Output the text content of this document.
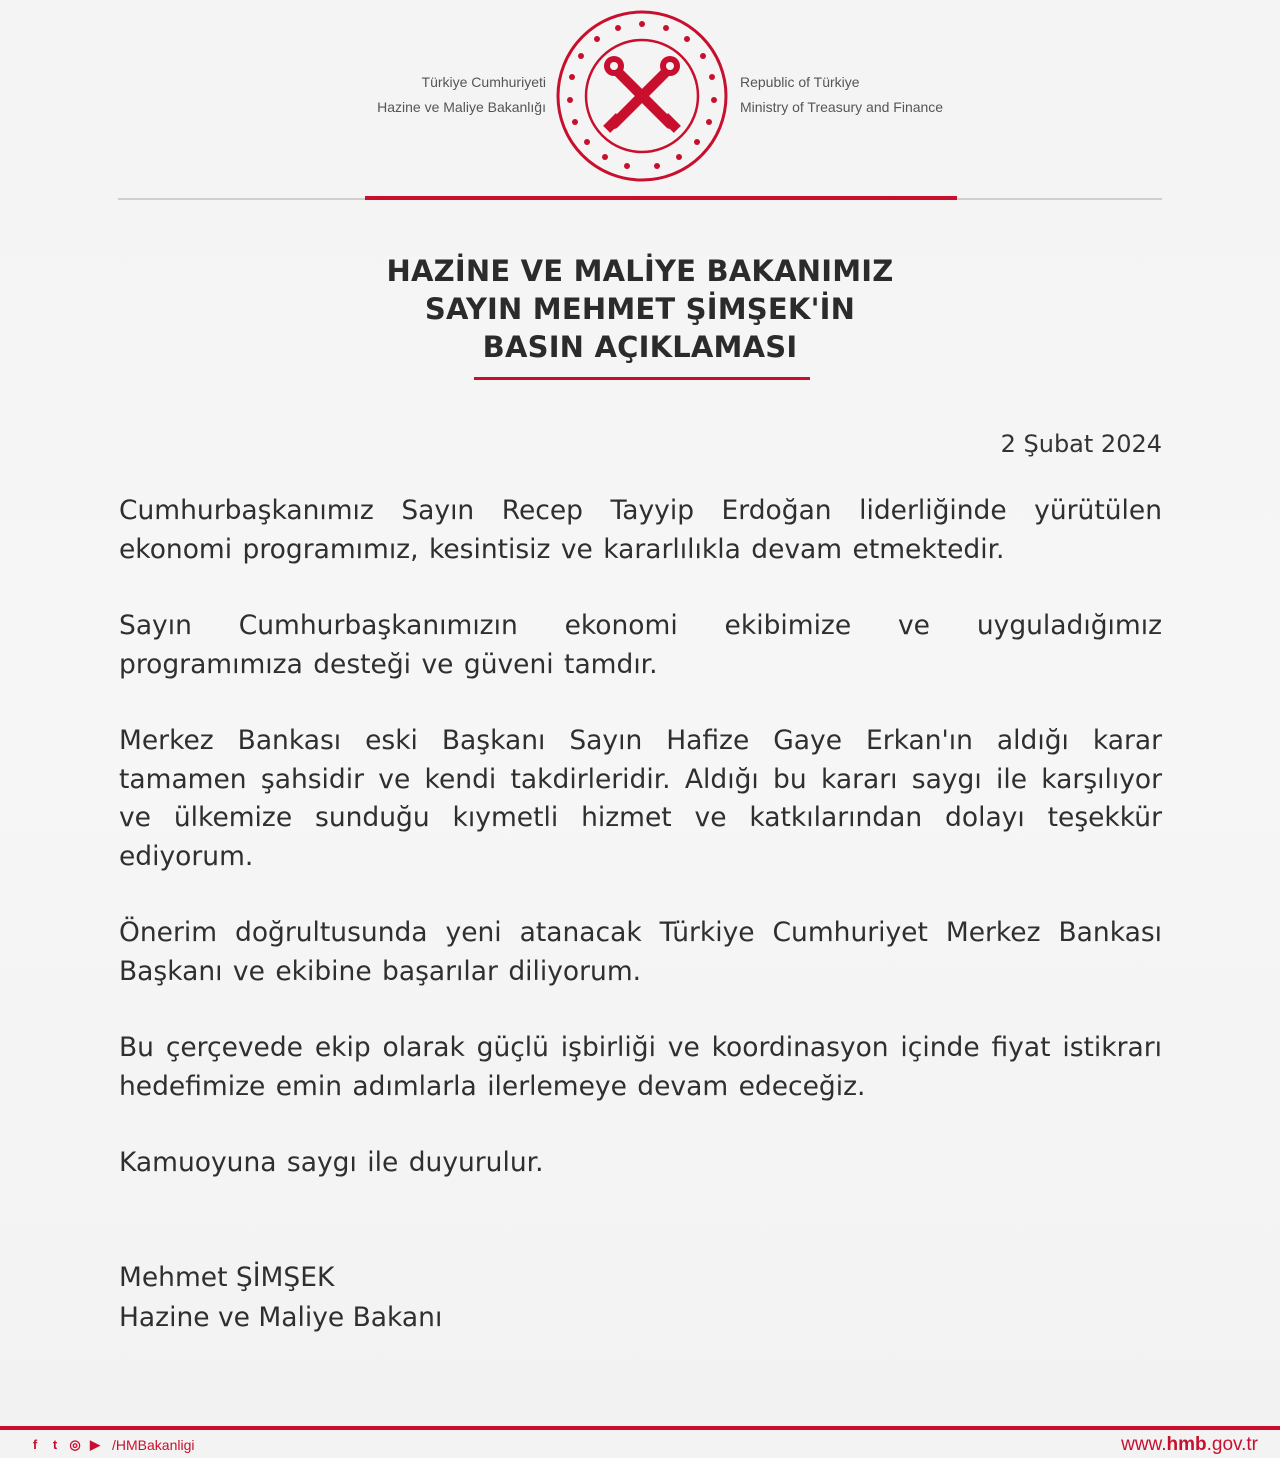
Türkiye Cumhuriyeti
Hazine ve Maliye Bakanlığı
Republic of Türkiye
Ministry of Treasury and Finance
HAZİNE VE MALİYE BAKANIMIZ
SAYIN MEHMET ŞİMŞEK'İN
BASIN AÇIKLAMASI
2 Şubat 2024

Cumhurbaşkanımız Sayın Recep Tayyip Erdoğan liderliğinde yürütülen ekonomi programımız, kesintisiz ve kararlılıkla devam etmektedir.

Sayın Cumhurbaşkanımızın ekonomi ekibimize ve uyguladığımız programımıza desteği ve güveni tamdır.

Merkez Bankası eski Başkanı Sayın Hafize Gaye Erkan'ın aldığı karar tamamen şahsidir ve kendi takdirleridir. Aldığı bu kararı saygı ile karşılıyor ve ülkemize sunduğu kıymetli hizmet ve katkılarından dolayı teşekkür ediyorum.

Önerim doğrultusunda yeni atanacak Türkiye Cumhuriyet Merkez Bankası Başkanı ve ekibine başarılar diliyorum.

Bu çerçevede ekip olarak güçlü işbirliği ve koordinasyon içinde fiyat istikrarı hedefimize emin adımlarla ilerlemeye devam edeceğiz.

Kamuoyuna saygı ile duyurulur.

Mehmet ŞİMŞEK
Hazine ve Maliye Bakanı
f	t ◎ ▶ /HMBakanligi	www.hmb.gov.tr
